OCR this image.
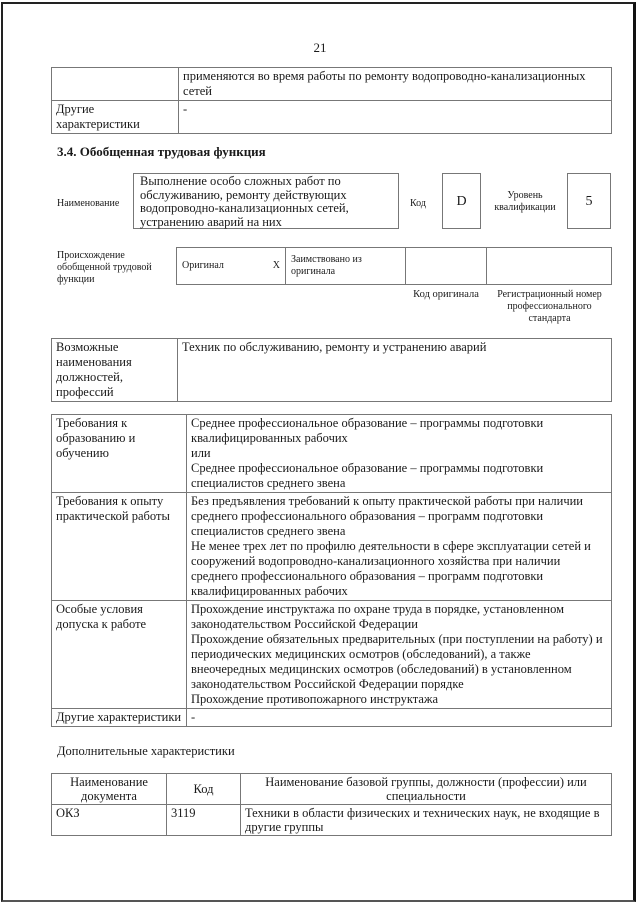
21
	применяются во время работы по ремонту водопроводно-канализационных сетей
Другие характеристики	-
3.4. Обобщенная трудовая функция
Наименование
Выполнение особо сложных работ по обслуживанию, ремонту действующих водопроводно-канализационных сетей, устранению аварий на них
Код	D	Уровень квалификации	5
Происхождение обобщенной трудовой функции
Оригинал	X	Заимствовано из оригинала		
Код оригинала	Регистрационный номер профессионального стандарта
Возможные наименования должностей, профессий	Техник по обслуживанию, ремонту и устранению аварий
Требования к образованию и обучению	Среднее профессиональное образование – программы подготовки квалифицированных рабочих
или
Среднее профессиональное образование – программы подготовки специалистов среднего звена

Требования к опыту практической работы	Без предъявления требований к опыту практической работы при наличии среднего профессионального образования – программ подготовки специалистов среднего звена
Не менее трех лет по профилю деятельности в сфере эксплуатации сетей и сооружений водопроводно-канализационного хозяйства при наличии среднего профессионального образования – программ подготовки квалифицированных рабочих

Особые условия допуска к работе	Прохождение инструктажа по охране труда в порядке, установленном законодательством Российской Федерации
Прохождение обязательных предварительных (при поступлении на работу) и периодических медицинских осмотров (обследований), а также внеочередных медицинских осмотров (обследований) в установленном законодательством Российской Федерации порядке
Прохождение противопожарного инструктажа

Другие характеристики	-
Дополнительные характеристики
Наименование документа	Код	Наименование базовой группы, должности (профессии) или специальности
ОКЗ	3119	Техники в области физических и технических наук, не входящие в другие группы
